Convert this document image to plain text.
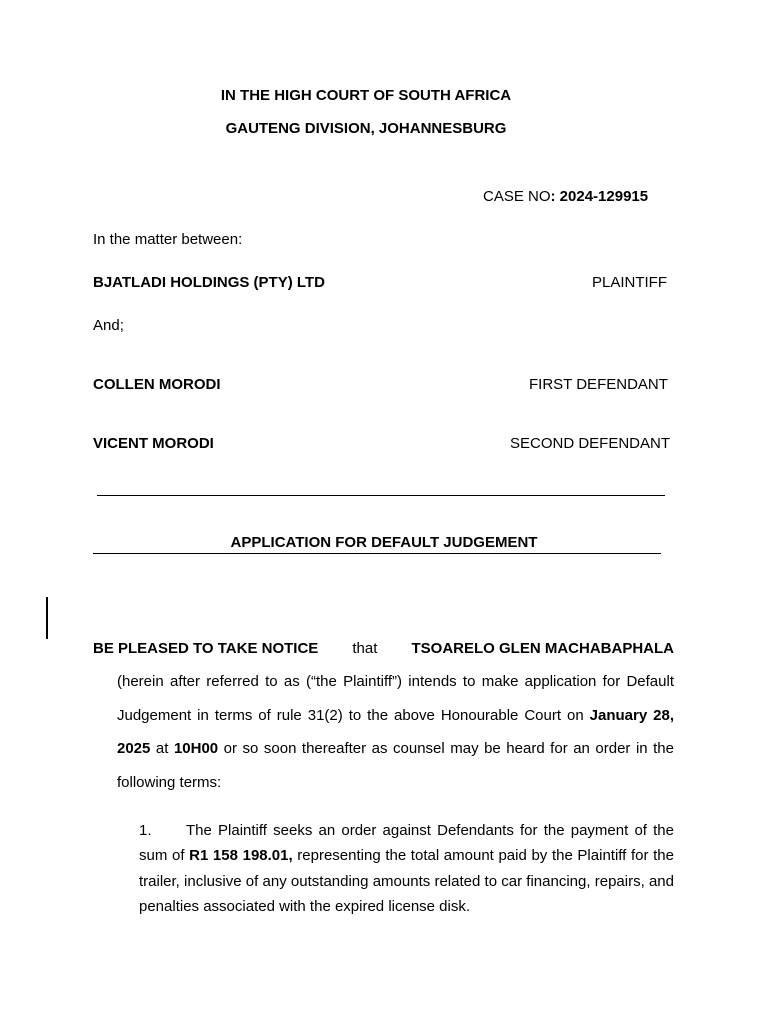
IN THE HIGH COURT OF SOUTH AFRICA
GAUTENG DIVISION, JOHANNESBURG
CASE NO: 2024-129915
In the matter between:
BJATLADI HOLDINGS (PTY) LTD	PLAINTIFF
And;
COLLEN MORODI	FIRST DEFENDANT
VICENT MORODI	SECOND DEFENDANT
APPLICATION FOR DEFAULT JUDGEMENT
BE PLEASED TO TAKE NOTICE that TSOARELO GLEN MACHABAPHALA
(herein after referred to as (“the Plaintiff”) intends to make application for Default Judgement in terms of rule 31(2) to the above Honourable Court on January 28, 2025 at 10H00 or so soon thereafter as counsel may be heard for an order in the following terms:
1. The Plaintiff seeks an order against Defendants for the payment of the sum of R1 158 198.01, representing the total amount paid by the Plaintiff for the trailer, inclusive of any outstanding amounts related to car financing, repairs, and penalties associated with the expired license disk.
